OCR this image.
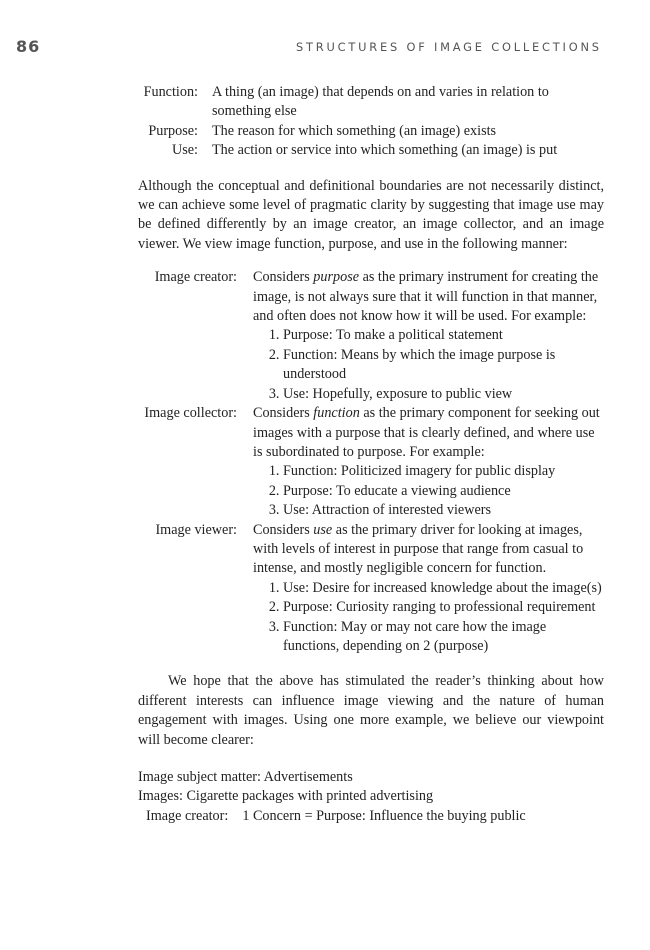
86	STRUCTURES OF IMAGE COLLECTIONS
Function: A thing (an image) that depends on and varies in relation to something else
Purpose: The reason for which something (an image) exists
Use: The action or service into which something (an image) is put

Although the conceptual and definitional boundaries are not necessarily distinct, we can achieve some level of pragmatic clarity by suggesting that image use may be defined differently by an image creator, an image collector, and an image viewer. We view image function, purpose, and use in the following manner:

Image creator: Considers purpose as the primary instrument for creating the image, is not always sure that it will function in that manner, and often does not know how it will be used. For example:
1. Purpose: To make a political statement
2. Function: Means by which the image purpose is understood
3. Use: Hopefully, exposure to public view
Image collector: Considers function as the primary component for seeking out images with a purpose that is clearly defined, and where use is subordinated to purpose. For example:
1. Function: Politicized imagery for public display
2. Purpose: To educate a viewing audience
3. Use: Attraction of interested viewers
Image viewer: Considers use as the primary driver for looking at images, with levels of interest in purpose that range from casual to intense, and mostly negligible concern for function.
1. Use: Desire for increased knowledge about the image(s)
2. Purpose: Curiosity ranging to professional requirement
3. Function: May or may not care how the image functions, depending on 2 (purpose)

We hope that the above has stimulated the reader’s thinking about how different interests can influence image viewing and the nature of human engagement with images. Using one more example, we believe our viewpoint will become clearer:

Image subject matter: Advertisements
Images: Cigarette packages with printed advertising
Image creator: 1 Concern = Purpose: Influence the buying public
